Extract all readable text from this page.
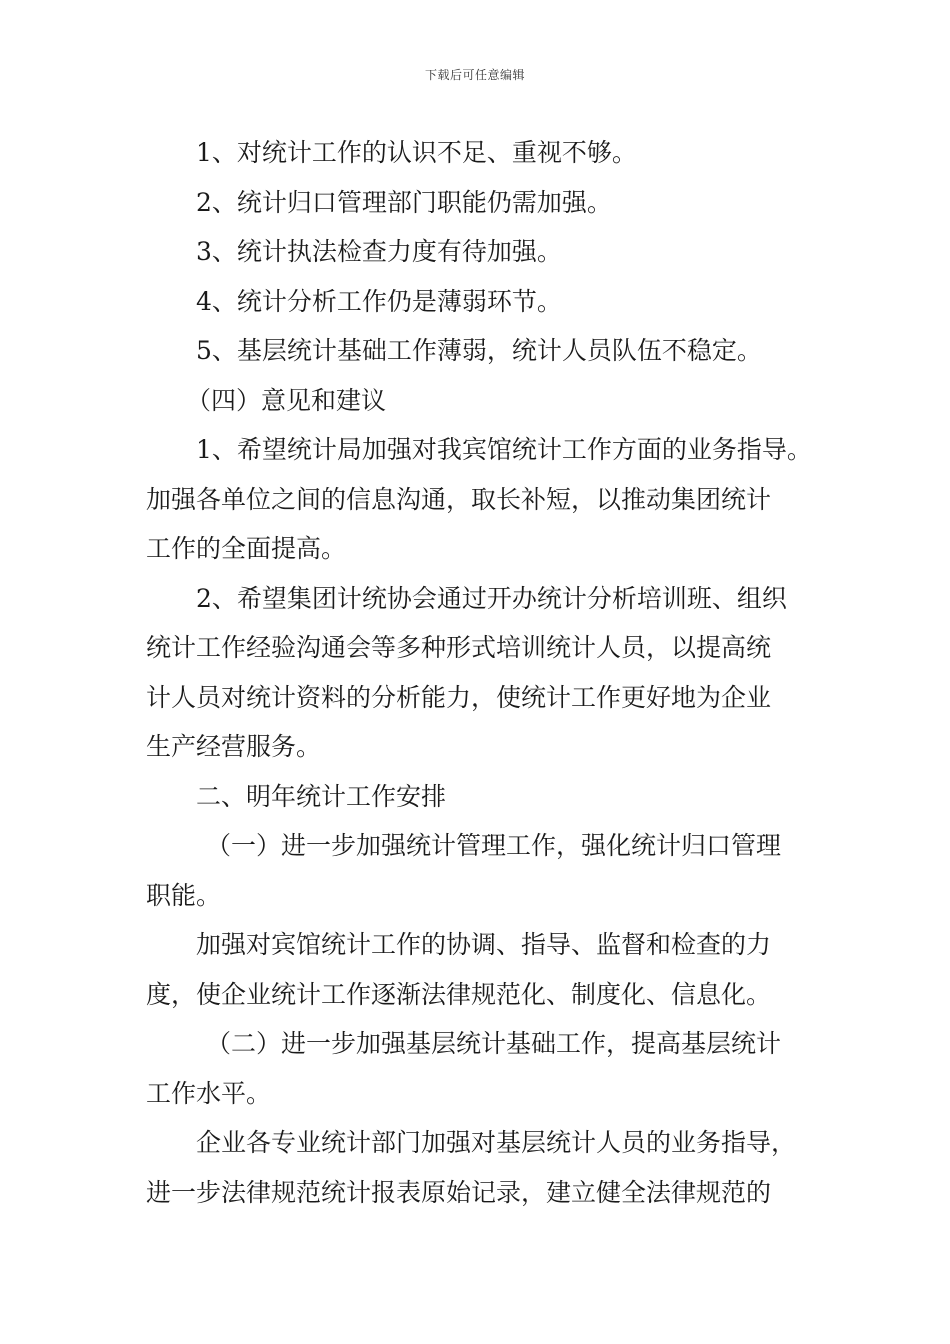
下载后可任意编辑

1、对统计工作的认识不足、重视不够。

2、统计归口管理部门职能仍需加强。

3、统计执法检查力度有待加强。

4、统计分析工作仍是薄弱环节。

5、基层统计基础工作薄弱，统计人员队伍不稳定。

（四）意见和建议

1、希望统计局加强对我宾馆统计工作方面的业务指导。

加强各单位之间的信息沟通，取长补短，以推动集团统计

工作的全面提高。

2、希望集团计统协会通过开办统计分析培训班、组织

统计工作经验沟通会等多种形式培训统计人员，以提高统

计人员对统计资料的分析能力，使统计工作更好地为企业

生产经营服务。

二、明年统计工作安排

（一）进一步加强统计管理工作，强化统计归口管理

职能。

加强对宾馆统计工作的协调、指导、监督和检查的力

度，使企业统计工作逐渐法律规范化、制度化、信息化。

（二）进一步加强基层统计基础工作，提高基层统计

工作水平。

企业各专业统计部门加强对基层统计人员的业务指导，

进一步法律规范统计报表原始记录，建立健全法律规范的
